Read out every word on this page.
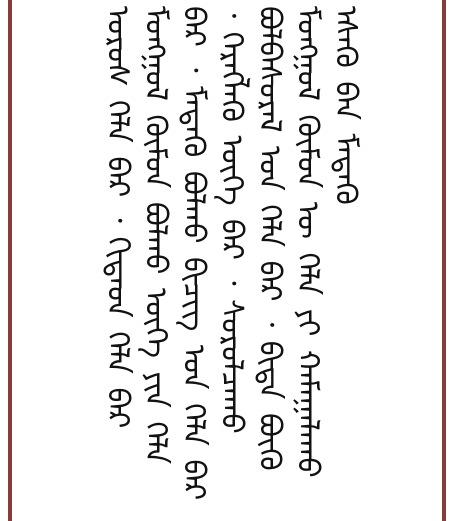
ᠣᠷᠣᠰ ᠬᠡᠯᠡ ᠪᠡᠷ ᠂ ᠬᠢᠲᠠᠳ ᠬᠡᠯᠡ ᠪᠡᠷ ᠮᠣᠩᠭᠣᠯ ᠬᠦᠮᠦᠨ ᠪᠣᠯᠬᠣ ᠦᠭᠡ ᠶᠢᠨ ᠬᠡᠯᠡ ᠪᠡᠷ ᠂ ᠮᠡᠳᠡᠭᠦ ᠪᠣᠯᠬᠣ ᠪᠢᠴᠢᠭ᠌ ᠤᠨ ᠬᠡᠯᠡ ᠪᠡᠷ ᠂ ᠬᠡᠷᠡᠭᠯᠡᠬᠦ ᠦᠭᠡ ᠪᠡᠷ ᠂ ᠰᠤᠷᠤᠯᠴᠠᠬᠤ ᠪᠣᠯᠪᠠᠰᠤᠷᠠᠯ ᠤᠨ ᠬᠡᠯᠡ ᠪᠡᠷ ᠂ ᠪᠢᠳᠡ ᠪᠦᠬᠦ ᠮᠣᠩᠭᠣᠯ ᠬᠦᠮᠦᠨ ᠦ ᠬᠡᠯᠡ ᠶᠢ ᠬᠠᠮᠠᠭᠠᠯᠠᠬᠤ ᠡᠰᠡᠬᠦ ᠪᠠᠨ ᠮᠡᠳᠡᠭᠦ
